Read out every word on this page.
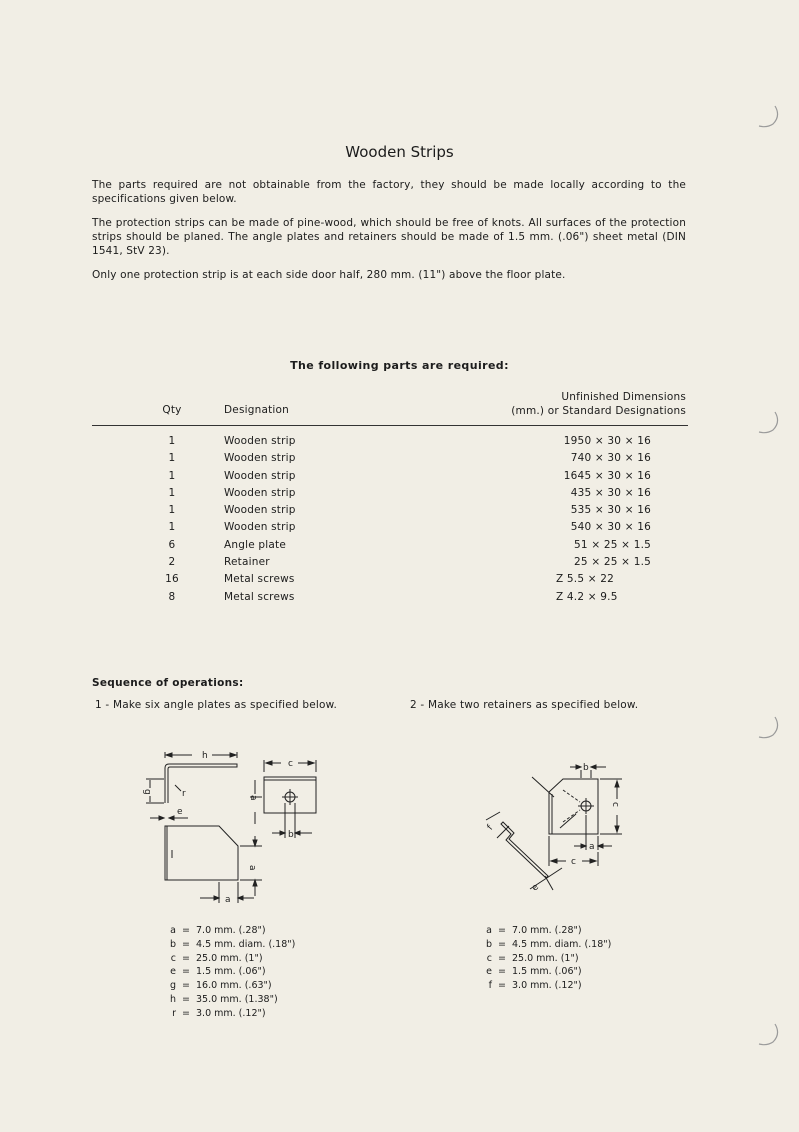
Wooden Strips
The parts required are not obtainable from the factory, they should be made locally according to the specifications given below.
The protection strips can be made of pine-wood, which should be free of knots. All surfaces of the protection strips should be planed. The angle plates and retainers should be made of 1.5 mm. (.06") sheet metal (DIN 1541, StV 23).
Only one protection strip is at each side door half, 280 mm. (11") above the floor plate.
The following parts are required:
Qty	Designation
Unfinished Dimensions
(mm.) or Standard Designations
1	Wooden strip	1950 × 30 × 16
1	Wooden strip	740 × 30 × 16
1	Wooden strip	1645 × 30 × 16
1	Wooden strip	435 × 30 × 16
1	Wooden strip	535 × 30 × 16
1	Wooden strip	540 × 30 × 16
6	Angle plate	51 × 25 × 1.5
2	Retainer	25 × 25 × 1.5
16	Metal screws	Z 5.5 × 22
8	Metal screws	Z 4.2 × 9.5
Sequence of operations:
1 - Make six angle plates as specified below.	2 - Make two retainers as specified below.
h
c
g	r
e
a
b
a
a
b
c
a
c
f
e
a = 7.0 mm. (.28")
b = 4.5 mm. diam. (.18")
c = 25.0 mm. (1")
e = 1.5 mm. (.06")
g = 16.0 mm. (.63")
h = 35.0 mm. (1.38")
r = 3.0 mm. (.12")
a = 7.0 mm. (.28")
b = 4.5 mm. diam. (.18")
c = 25.0 mm. (1")
e = 1.5 mm. (.06")
f = 3.0 mm. (.12")
